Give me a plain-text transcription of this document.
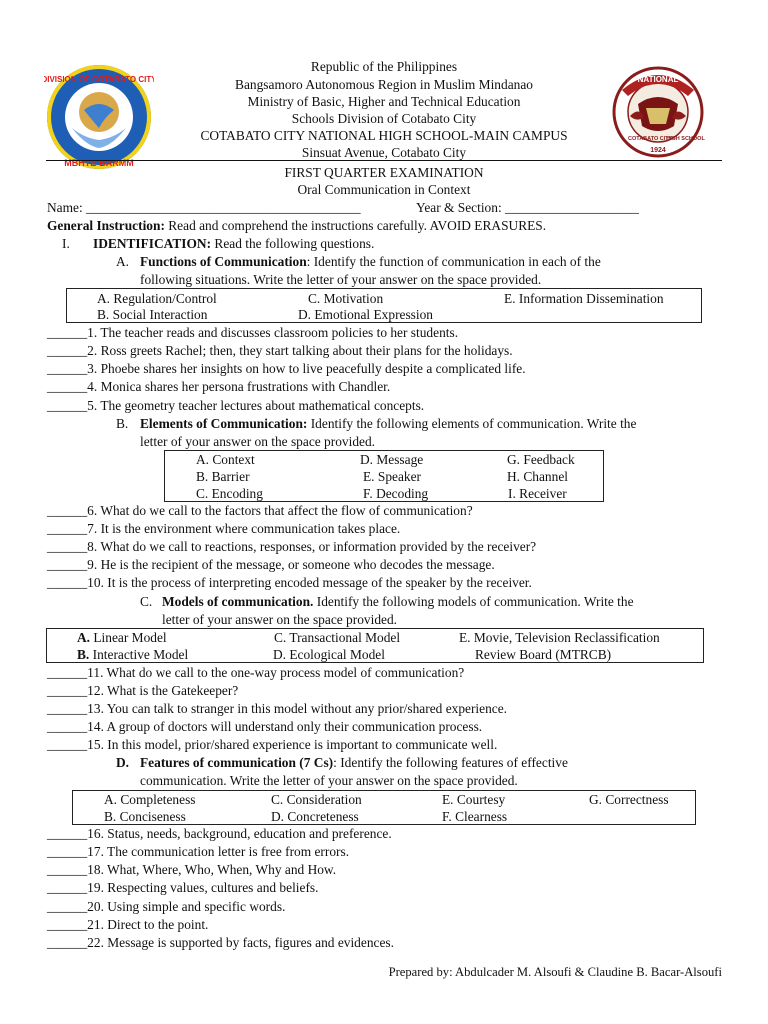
DIVISION OF COTABATO CITY
MBHTE-BARMM
NATIONAL
1924
COTABATO CITY
HIGH SCHOOL
Republic of the Philippines
Bangsamoro Autonomous Region in Muslim Mindanao
Ministry of Basic, Higher and Technical Education
Schools Division of Cotabato City
COTABATO CITY NATIONAL HIGH SCHOOL-MAIN CAMPUS
Sinsuat Avenue, Cotabato City
FIRST QUARTER EXAMINATION
Oral Communication in Context
Name: _________________________________________	Year & Section: ____________________
General Instruction: Read and comprehend the instructions carefully. AVOID ERASURES.
I. IDENTIFICATION: Read the following questions.
A. Functions of Communication: Identify the function of communication in each of the
following situations. Write the letter of your answer on the space provided.
A. Regulation/Control	C. Motivation	E. Information Dissemination
B. Social Interaction	D. Emotional Expression
______1. The teacher reads and discusses classroom policies to her students.
______2. Ross greets Rachel; then, they start talking about their plans for the holidays.
______3. Phoebe shares her insights on how to live peacefully despite a complicated life.
______4. Monica shares her persona frustrations with Chandler.
______5. The geometry teacher lectures about mathematical concepts.
B. Elements of Communication: Identify the following elements of communication. Write the
letter of your answer on the space provided.
A. Context	D. Message	G. Feedback
B. Barrier	E. Speaker	H. Channel
C. Encoding	F. Decoding	I. Receiver
______6. What do we call to the factors that affect the flow of communication?
______7. It is the environment where communication takes place.
______8. What do we call to reactions, responses, or information provided by the receiver?
______9. He is the recipient of the message, or someone who decodes the message.
______10. It is the process of interpreting encoded message of the speaker by the receiver.
C. Models of communication. Identify the following models of communication. Write the
letter of your answer on the space provided.
A. Linear Model	C. Transactional Model	E. Movie, Television Reclassification
B. Interactive Model	D. Ecological Model	Review Board (MTRCB)
______11. What do we call to the one-way process model of communication?
______12. What is the Gatekeeper?
______13. You can talk to stranger in this model without any prior/shared experience.
______14. A group of doctors will understand only their communication process.
______15. In this model, prior/shared experience is important to communicate well.
D. Features of communication (7 Cs): Identify the following features of effective
communication. Write the letter of your answer on the space provided.
A. Completeness	C. Consideration	E. Courtesy	G. Correctness
B. Conciseness	D. Concreteness	F. Clearness
______16. Status, needs, background, education and preference.
______17. The communication letter is free from errors.
______18. What, Where, Who, When, Why and How.
______19. Respecting values, cultures and beliefs.
______20. Using simple and specific words.
______21. Direct to the point.
______22. Message is supported by facts, figures and evidences.
Prepared by: Abdulcader M. Alsoufi & Claudine B. Bacar-Alsoufi
